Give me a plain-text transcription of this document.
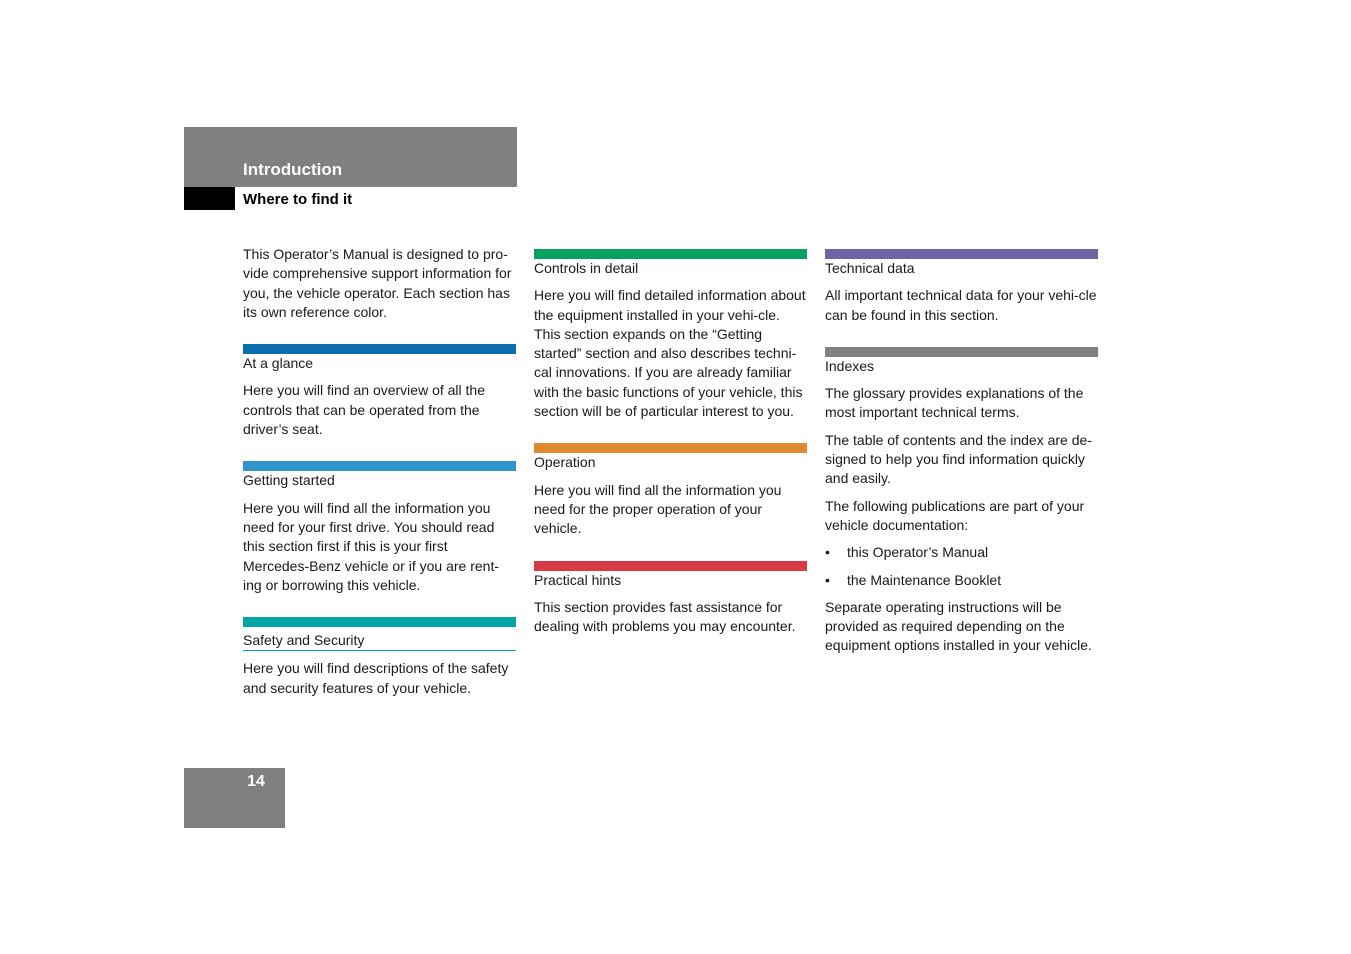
Introduction
Where to find it

This Operator’s Manual is designed to pro-vide comprehensive support information for you, the vehicle operator. Each section has its own reference color.

At a glance

Here you will find an overview of all the controls that can be operated from the driver’s seat.

Getting started

Here you will find all the information you need for your first drive. You should read this section first if this is your first Mercedes-Benz vehicle or if you are rent-ing or borrowing this vehicle.

Safety and Security

Here you will find descriptions of the safety and security features of your vehicle.

Controls in detail

Here you will find detailed information about the equipment installed in your vehi-cle. This section expands on the “Getting started” section and also describes techni-cal innovations. If you are already familiar with the basic functions of your vehicle, this section will be of particular interest to you.

Operation

Here you will find all the information you need for the proper operation of your vehicle.

Practical hints

This section provides fast assistance for dealing with problems you may encounter.

Technical data

All important technical data for your vehi-cle can be found in this section.

Indexes

The glossary provides explanations of the most important technical terms.

The table of contents and the index are de-signed to help you find information quickly and easily.

The following publications are part of your vehicle documentation:

• this Operator’s Manual
• the Maintenance Booklet

Separate operating instructions will be provided as required depending on the equipment options installed in your vehicle.

14
